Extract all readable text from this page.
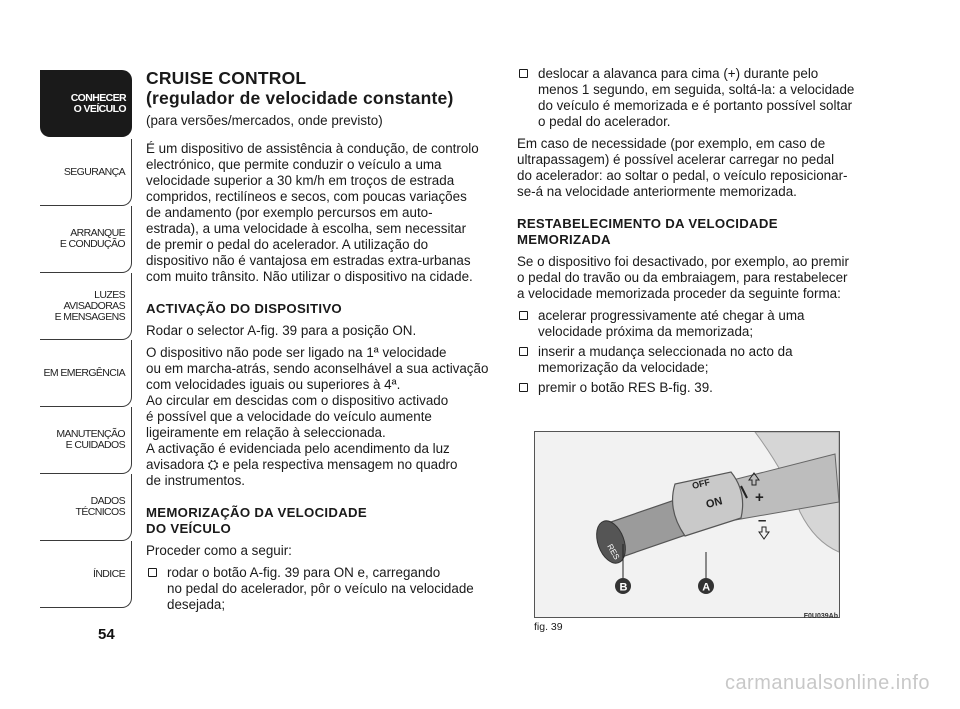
CONHECER
O VEÍCULO
SEGURANÇA
ARRANQUE
E CONDUÇÃO
LUZES
AVISADORAS
E MENSAGENS
EM EMERGÊNCIA
MANUTENÇÃO
E CUIDADOS
DADOS
TÉCNICOS
ÍNDICE
54
CRUISE CONTROL
(regulador de velocidade constante)

(para versões/mercados, onde previsto)

É um dispositivo de assistência à condução, de controlo
electrónico, que permite conduzir o veículo a uma
velocidade superior a 30 km/h em troços de estrada
compridos, rectilíneos e secos, com poucas variações
de andamento (por exemplo percursos em auto-
estrada), a uma velocidade à escolha, sem necessitar
de premir o pedal do acelerador. A utilização do
dispositivo não é vantajosa em estradas extra-urbanas
com muito trânsito. Não utilizar o dispositivo na cidade.

ACTIVAÇÃO DO DISPOSITIVO

Rodar o selector A-fig. 39 para a posição ON.

O dispositivo não pode ser ligado na 1ª velocidade
ou em marcha-atrás, sendo aconselhável a sua activação
com velocidades iguais ou superiores à 4ª.
Ao circular em descidas com o dispositivo activado
é possível que a velocidade do veículo aumente
ligeiramente em relação à seleccionada.
A activação é evidenciada pelo acendimento da luz
avisadora ⛭ e pela respectiva mensagem no quadro
de instrumentos.

MEMORIZAÇÃO DA VELOCIDADE
DO VEÍCULO

Proceder como a seguir:

rodar o botão A-fig. 39 para ON e, carregando
no pedal do acelerador, pôr o veículo na velocidade
desejada;
deslocar a alavanca para cima (+) durante pelo
menos 1 segundo, em seguida, soltá-la: a velocidade
do veículo é memorizada e é portanto possível soltar
o pedal do acelerador.

Em caso de necessidade (por exemplo, em caso de
ultrapassagem) é possível acelerar carregar no pedal
do acelerador: ao soltar o pedal, o veículo reposicionar-
se-á na velocidade anteriormente memorizada.

RESTABELECIMENTO DA VELOCIDADE
MEMORIZADA

Se o dispositivo foi desactivado, por exemplo, ao premir
o pedal do travão ou da embraiagem, para restabelecer
a velocidade memorizada proceder da seguinte forma:

acelerar progressivamente até chegar à uma
velocidade próxima da memorizada;
inserir a mudança seleccionada no acto da
memorização da velocidade;
premir o botão RES B-fig. 39.
RES
OFF
ON +
–
B	A
F0U039Ab
fig. 39
carmanualsonline.info
